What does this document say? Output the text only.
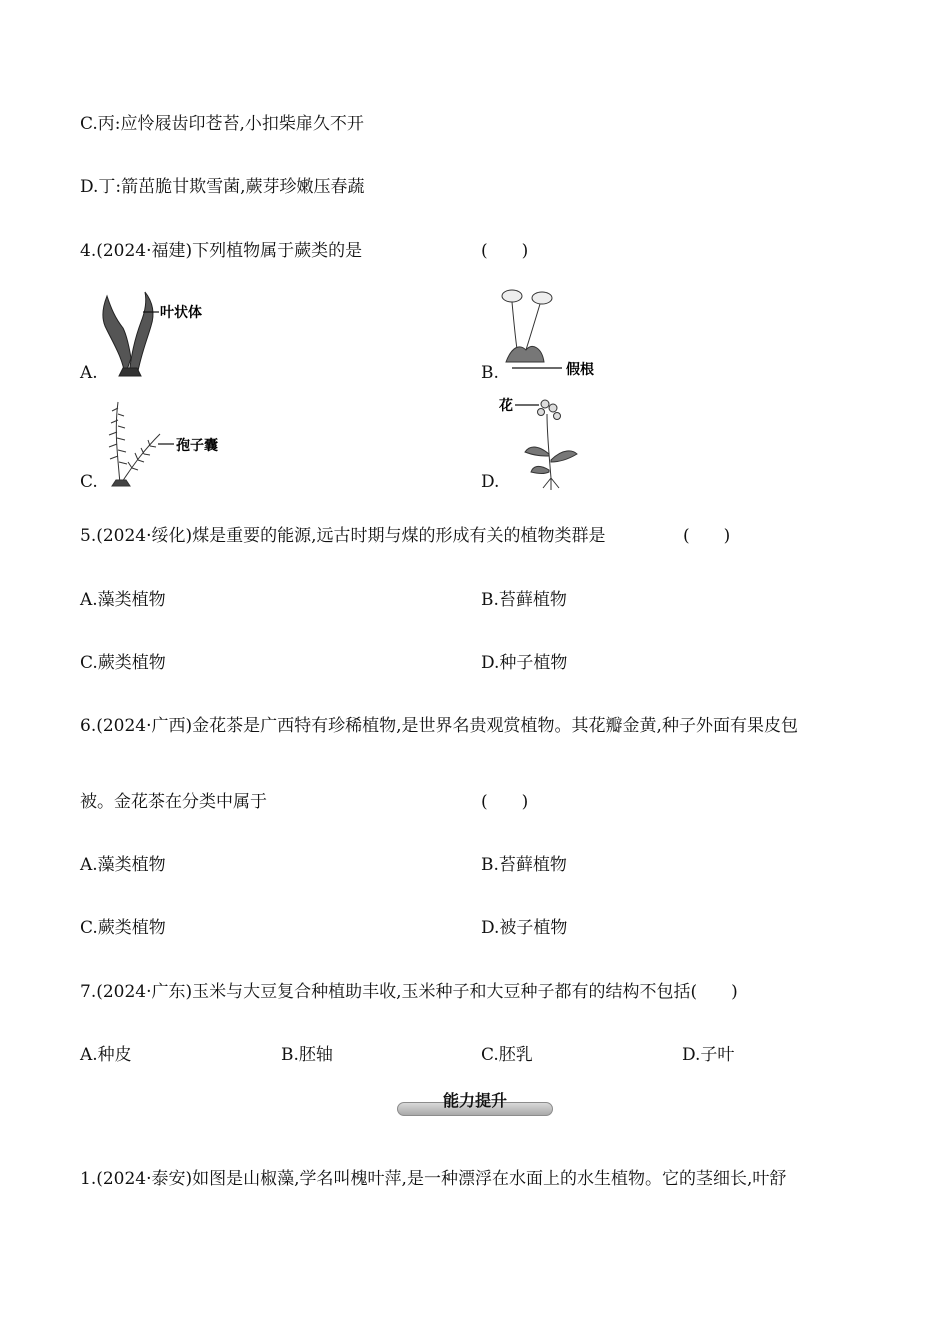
C.丙:应怜屐齿印苍苔,小扣柴扉久不开
D.丁:箭茁脆甘欺雪菌,蕨芽珍嫩压春蔬
4.(2024·福建)下列植物属于蕨类的是	(　　)
A.
叶状体
B.	假根
C.
孢子囊
D.
花
5.(2024·绥化)煤是重要的能源,远古时期与煤的形成有关的植物类群是	(　　)
A.藻类植物	B.苔藓植物
C.蕨类植物	D.种子植物
6.(2024·广西)金花茶是广西特有珍稀植物,是世界名贵观赏植物。其花瓣金黄,种子外面有果皮包
被。金花茶在分类中属于	(　　)
A.藻类植物	B.苔藓植物
C.蕨类植物	D.被子植物
7.(2024·广东)玉米与大豆复合种植助丰收,玉米种子和大豆种子都有的结构不包括(　　)
A.种皮	B.胚轴	C.胚乳	D.子叶
能力提升
1.(2024·泰安)如图是山椒藻,学名叫槐叶萍,是一种漂浮在水面上的水生植物。它的茎细长,叶舒
